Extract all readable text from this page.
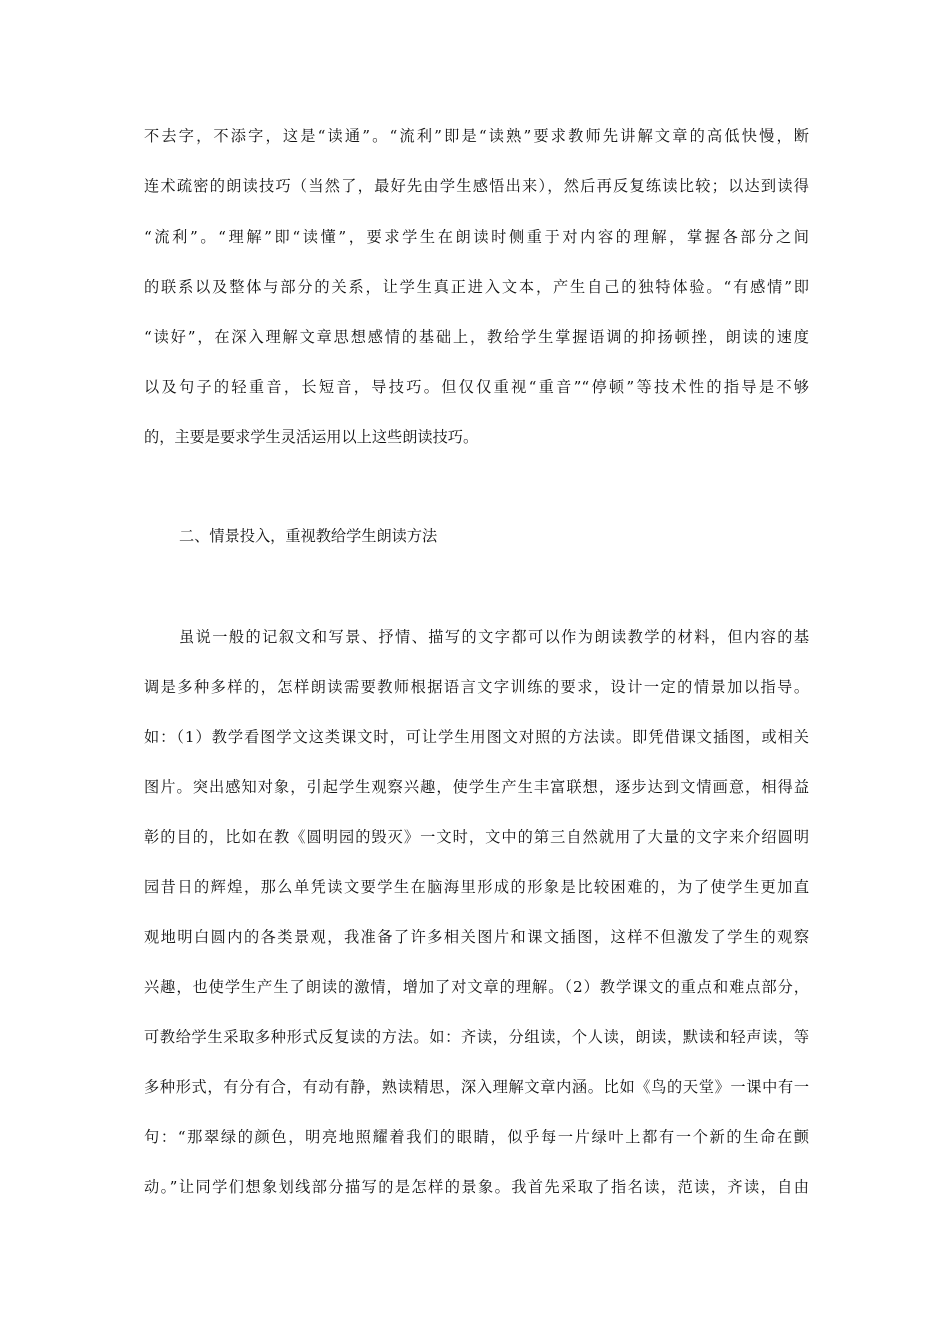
不去字，不添字，这是“读通”。“流利”即是“读熟”要求教师先讲解文章的高低快慢，断
连术疏密的朗读技巧（当然了，最好先由学生感悟出来），然后再反复练读比较；以达到读得
“流利”。“理解”即“读懂”，要求学生在朗读时侧重于对内容的理解，掌握各部分之间
的联系以及整体与部分的关系，让学生真正进入文本，产生自己的独特体验。“有感情”即
“读好”，在深入理解文章思想感情的基础上，教给学生掌握语调的抑扬顿挫，朗读的速度
以及句子的轻重音，长短音，导技巧。但仅仅重视“重音”“停顿”等技术性的指导是不够
的，主要是要求学生灵活运用以上这些朗读技巧。
二、情景投入，重视教给学生朗读方法
虽说一般的记叙文和写景、抒情、描写的文字都可以作为朗读教学的材料，但内容的基
调是多种多样的，怎样朗读需要教师根据语言文字训练的要求，设计一定的情景加以指导。
如：（1）教学看图学文这类课文时，可让学生用图文对照的方法读。即凭借课文插图，或相关
图片。突出感知对象，引起学生观察兴趣，使学生产生丰富联想，逐步达到文情画意，相得益
彰的目的，比如在教《圆明园的毁灭》一文时，文中的第三自然就用了大量的文字来介绍圆明
园昔日的辉煌，那么单凭读文要学生在脑海里形成的形象是比较困难的，为了使学生更加直
观地明白圆内的各类景观，我准备了许多相关图片和课文插图，这样不但激发了学生的观察
兴趣，也使学生产生了朗读的激情，增加了对文章的理解。（2）教学课文的重点和难点部分，
可教给学生采取多种形式反复读的方法。如：齐读，分组读，个人读，朗读，默读和轻声读，等
多种形式，有分有合，有动有静，熟读精思，深入理解文章内涵。比如《鸟的天堂》一课中有一
句：“那翠绿的颜色，明亮地照耀着我们的眼睛，似乎每一片绿叶上都有一个新的生命在颤
动。”让同学们想象划线部分描写的是怎样的景象。我首先采取了指名读，范读，齐读，自由
